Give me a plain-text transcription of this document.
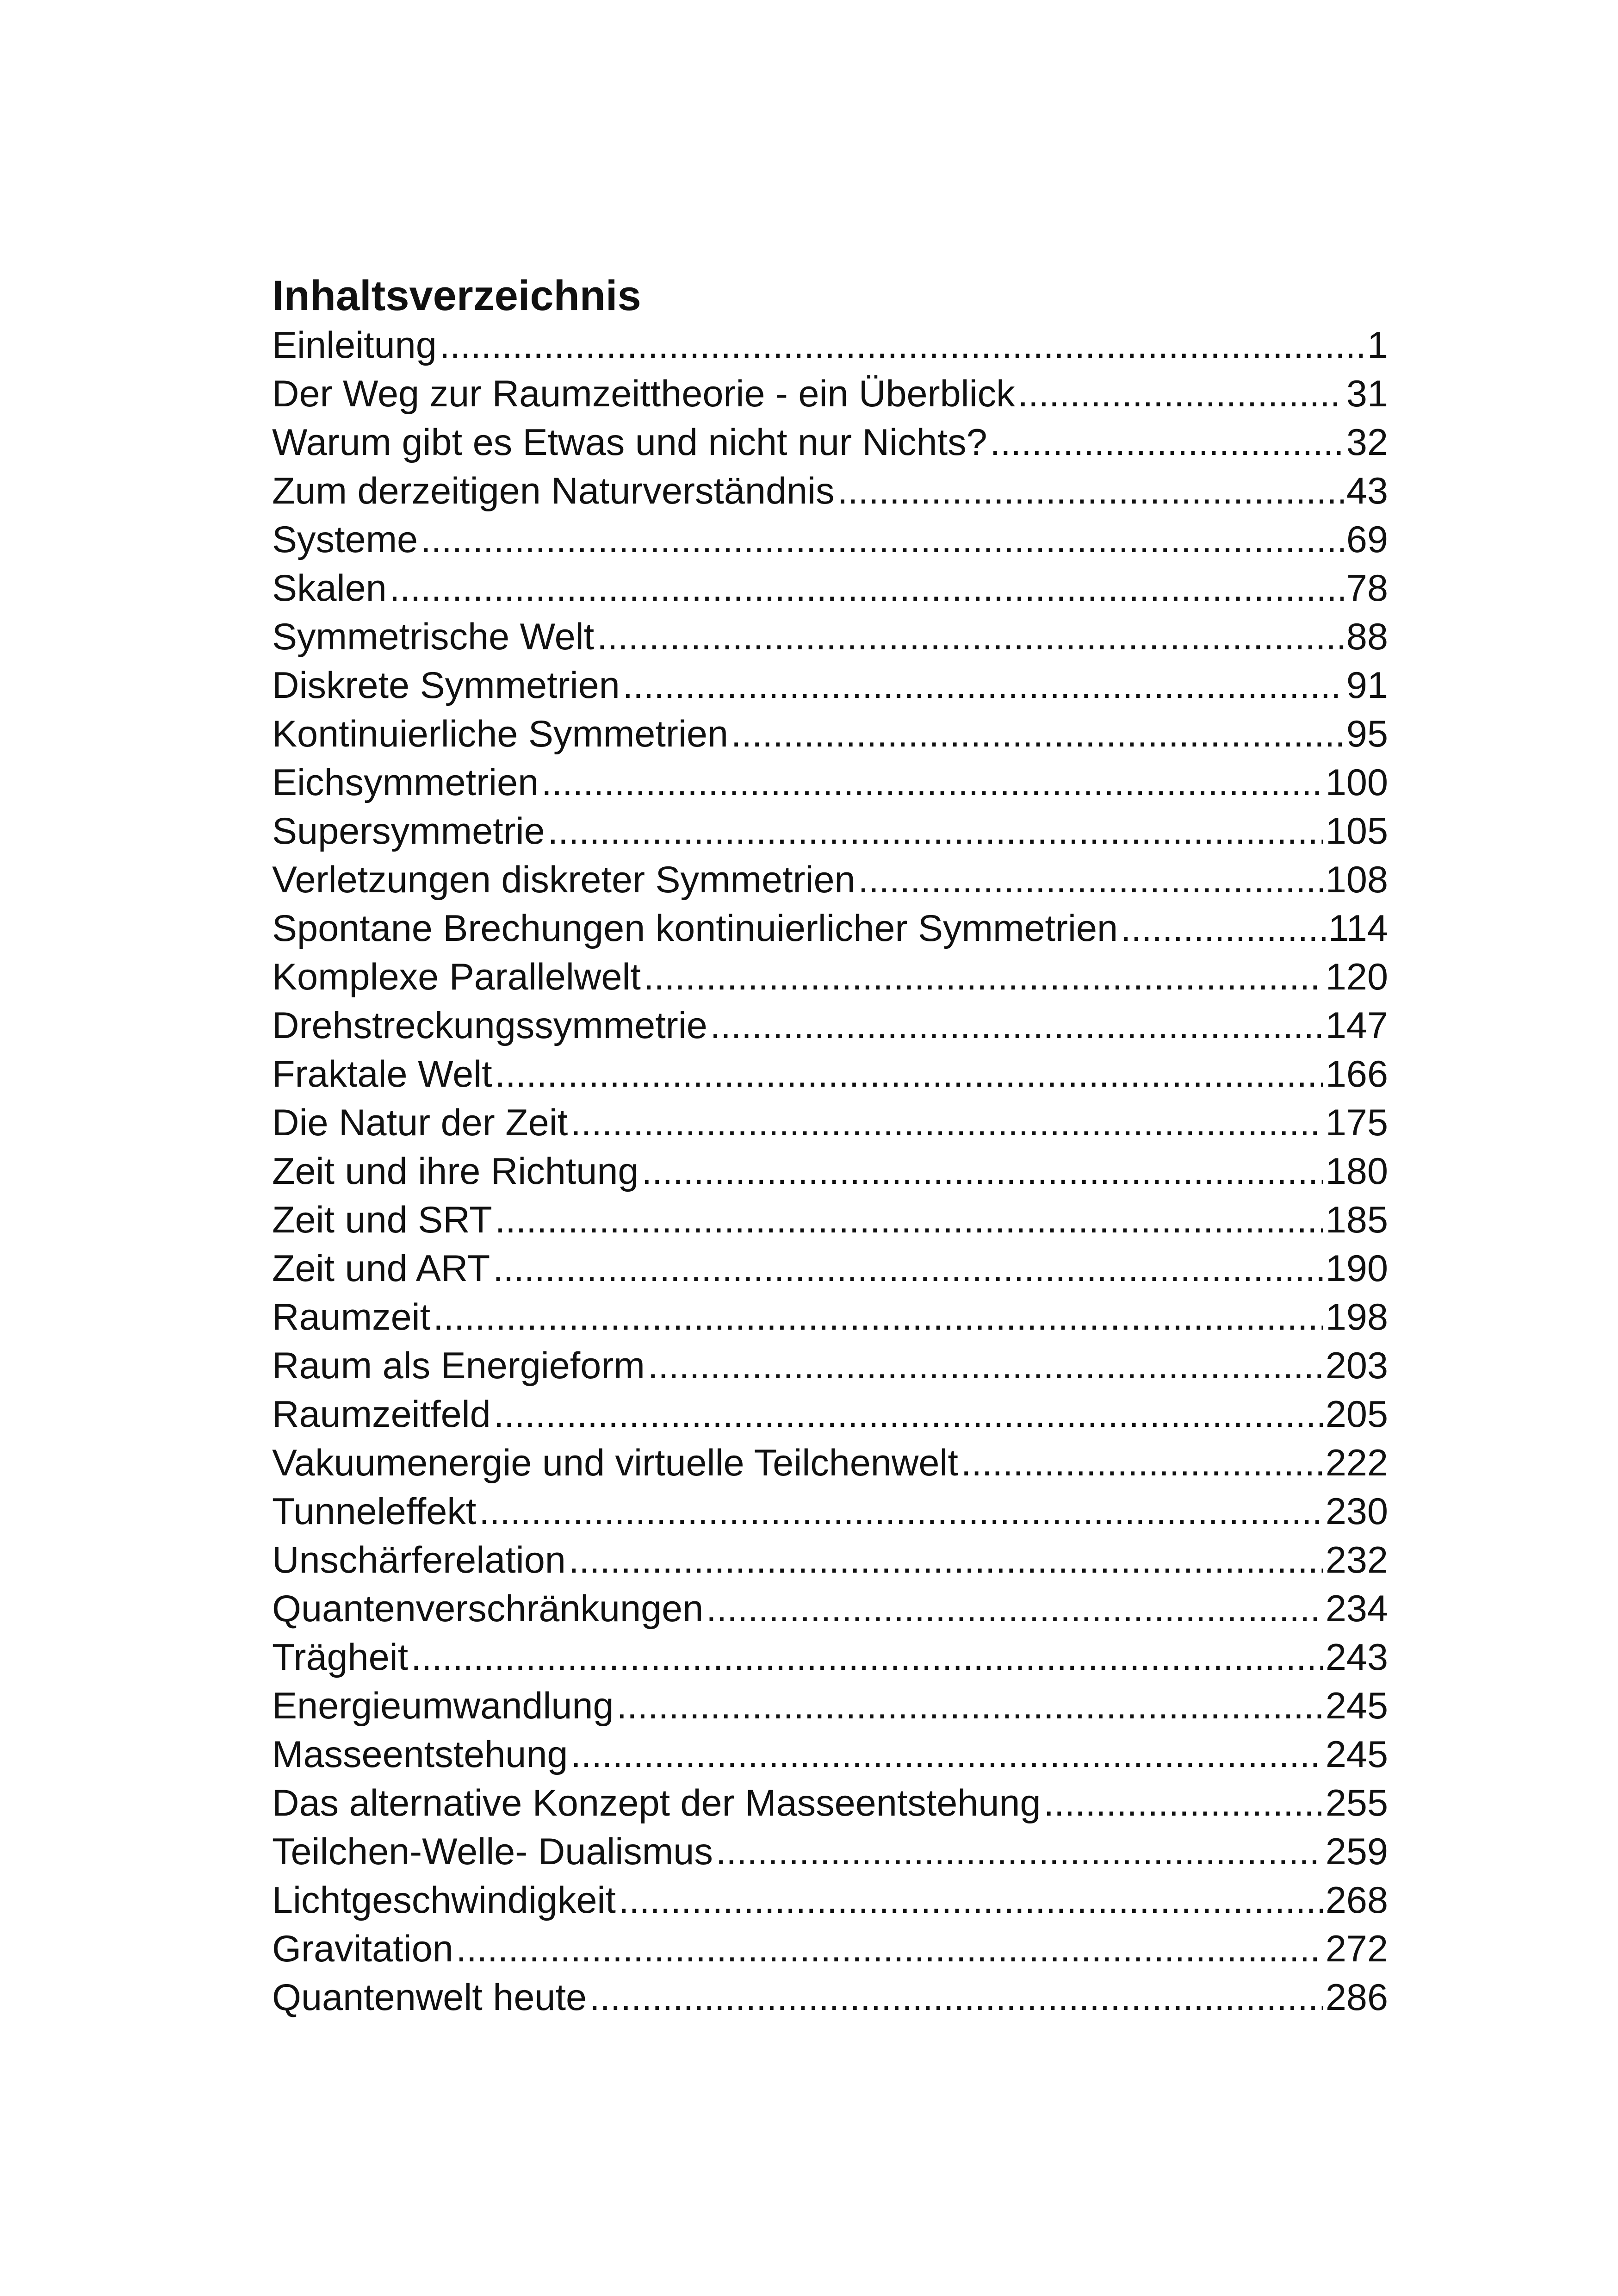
Inhaltsverzeichnis
Einleitung .....	1
Der Weg zur Raumzeittheorie - ein Überblick .....	31
Warum gibt es Etwas und nicht nur Nichts? .....	32
Zum derzeitigen Naturverständnis .....	43
Systeme .....	69
Skalen .....	78
Symmetrische Welt .....	88
Diskrete Symmetrien .....	91
Kontinuierliche Symmetrien .....	95
Eichsymmetrien .....	100
Supersymmetrie .....	105
Verletzungen diskreter Symmetrien .....	108
Spontane Brechungen kontinuierlicher Symmetrien .....	114
Komplexe Parallelwelt .....	120
Drehstreckungssymmetrie .....	147
Fraktale Welt .....	166
Die Natur der Zeit .....	175
Zeit und ihre Richtung .....	180
Zeit und SRT .....	185
Zeit und ART .....	190
Raumzeit .....	198
Raum als Energieform .....	203
Raumzeitfeld .....	205
Vakuumenergie und virtuelle Teilchenwelt .....	222
Tunneleffekt .....	230
Unschärferelation .....	232
Quantenverschränkungen .....	234
Trägheit .....	243
Energieumwandlung .....	245
Masseentstehung .....	245
Das alternative Konzept der Masseentstehung .....	255
Teilchen-Welle- Dualismus .....	259
Lichtgeschwindigkeit .....	268
Gravitation .....	272
Quantenwelt heute .....	286
